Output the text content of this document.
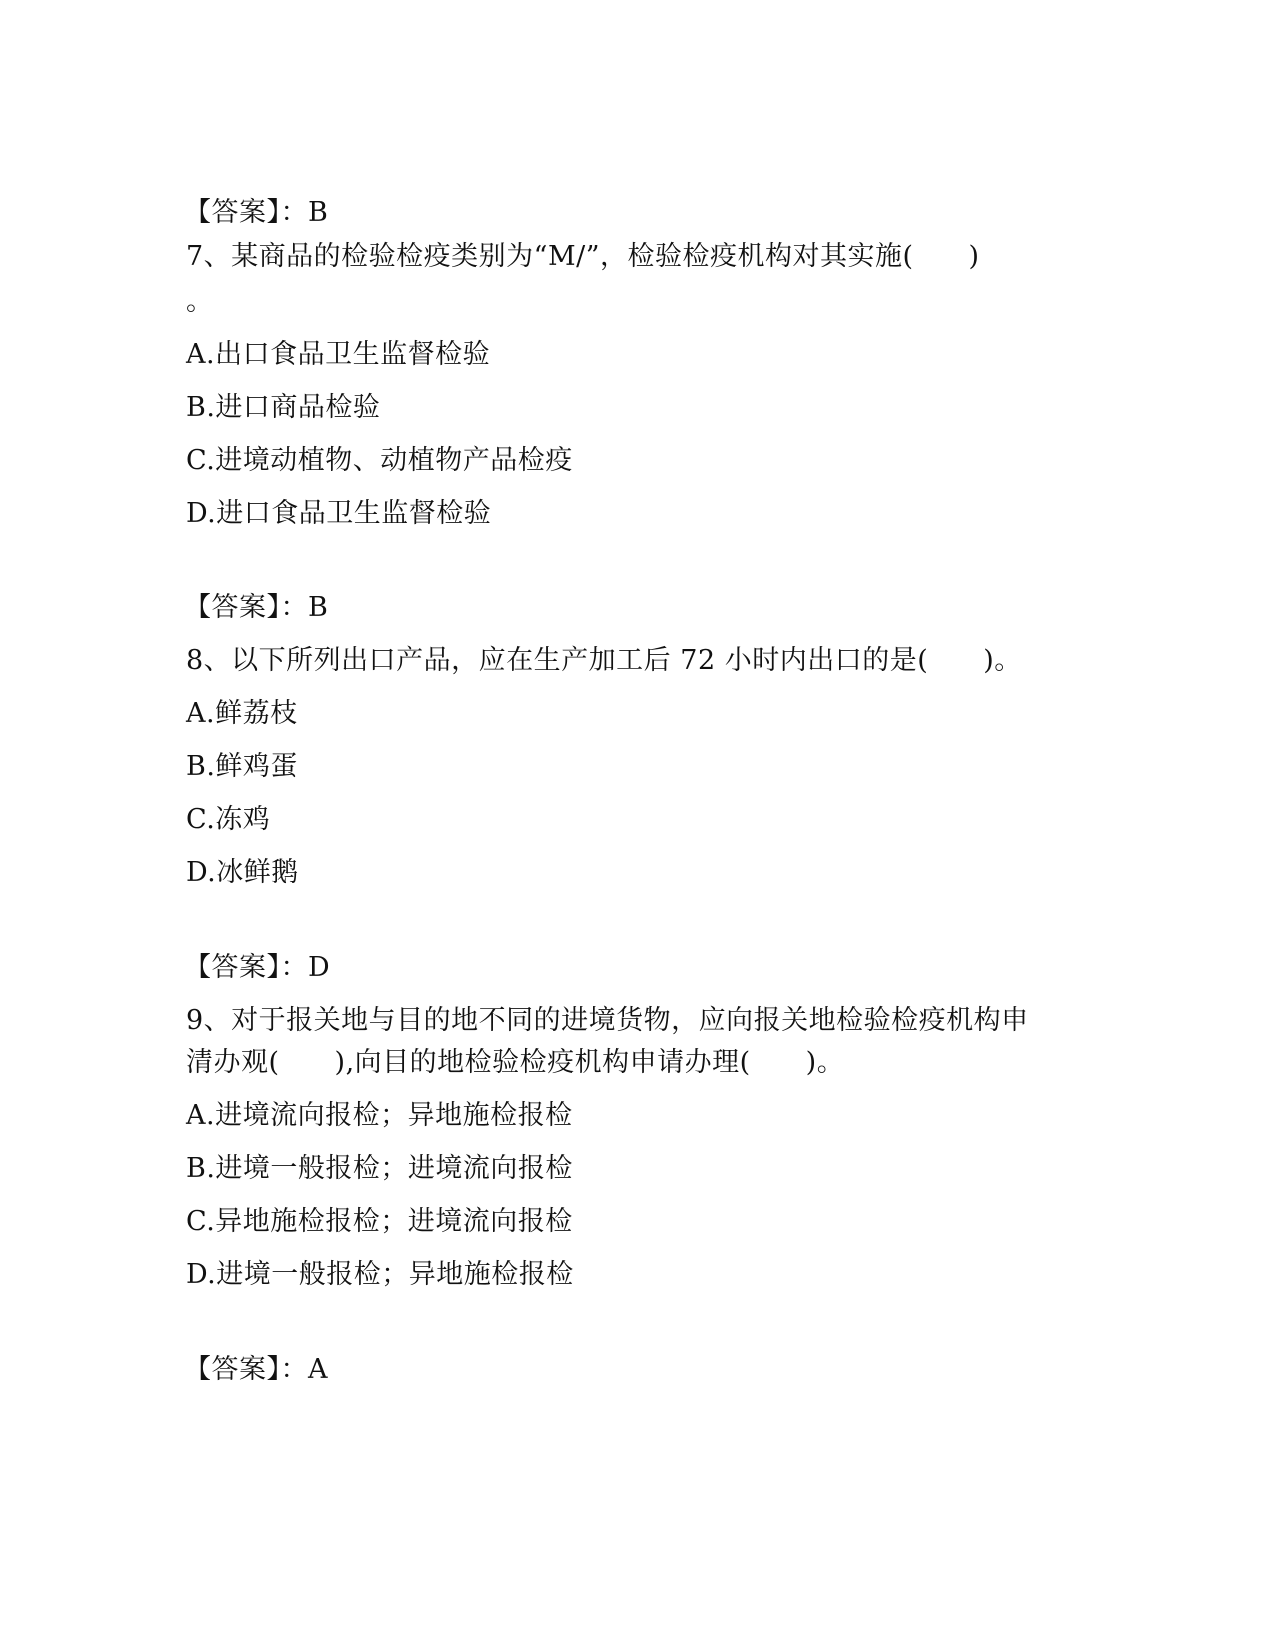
【答案】：B
7、某商品的检验检疫类别为“M/”，检验检疫机构对其实施(　　)
。
A.出口食品卫生监督检验
B.进口商品检验
C.进境动植物、动植物产品检疫
D.进口食品卫生监督检验
【答案】：B
8、以下所列出口产品，应在生产加工后 72 小时内出口的是(　　)。
A.鲜荔枝
B.鲜鸡蛋
C.冻鸡
D.冰鲜鹅
【答案】：D
9、对于报关地与目的地不同的进境货物，应向报关地检验检疫机构申
清办观(　　),向目的地检验检疫机构申请办理(　　)。
A.进境流向报检；异地施检报检
B.进境一般报检；进境流向报检
C.异地施检报检；进境流向报检
D.进境一般报检；异地施检报检
【答案】：A
